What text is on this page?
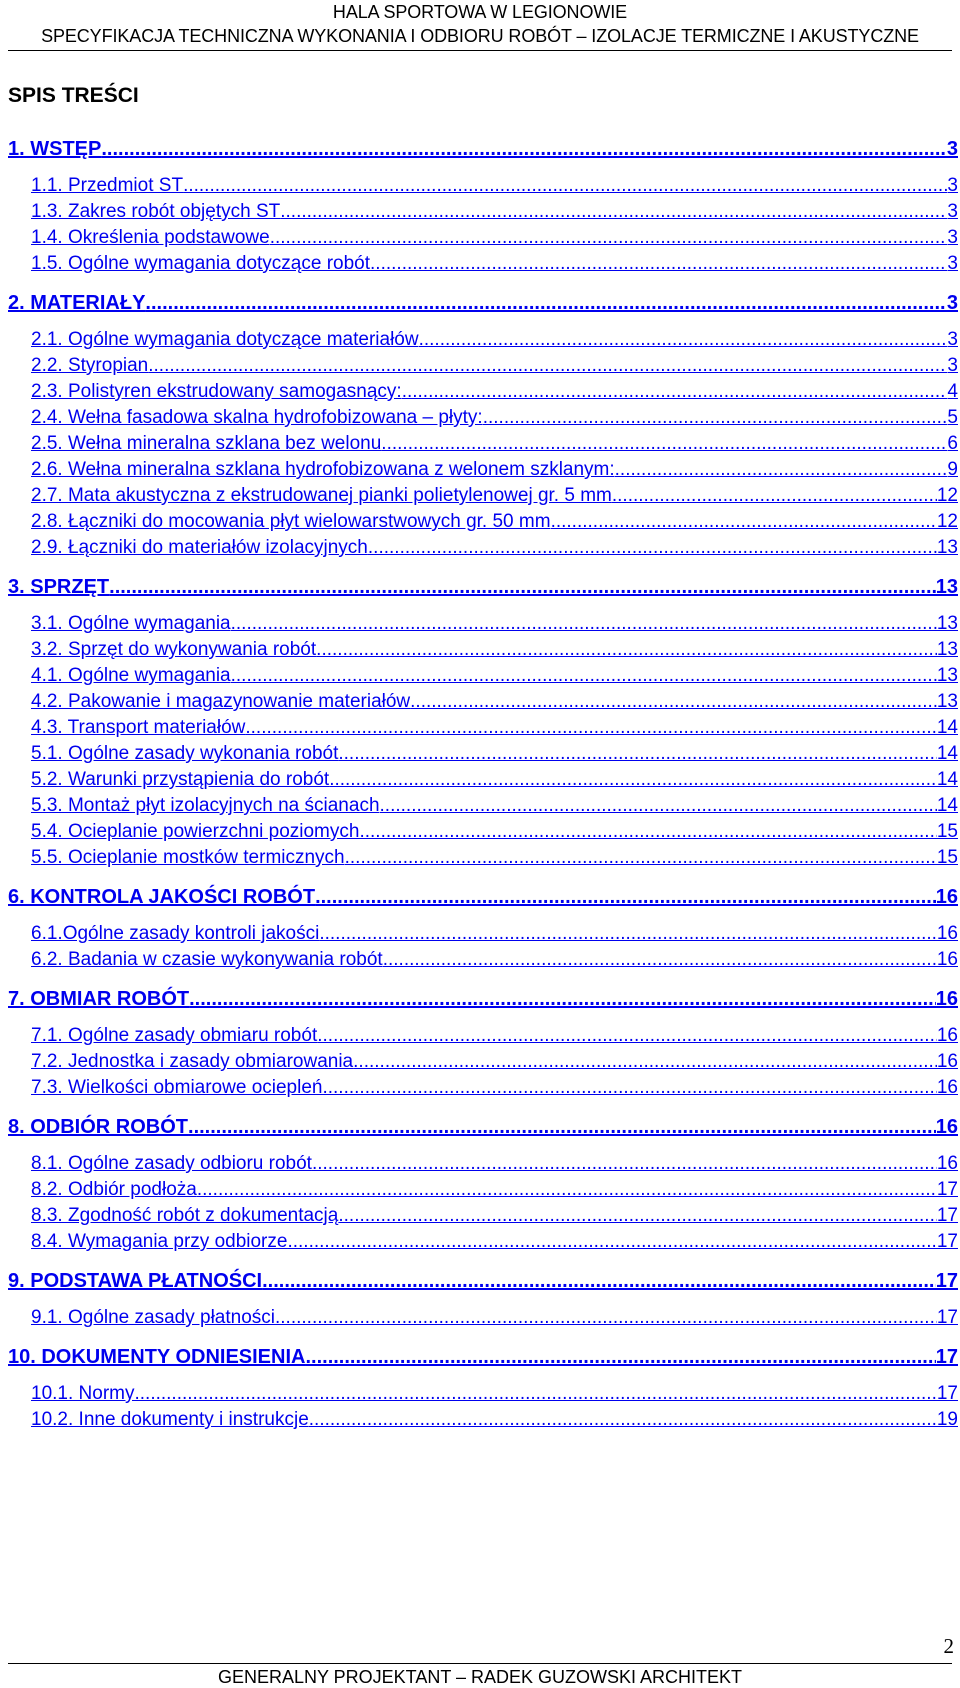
HALA SPORTOWA W LEGIONOWIE
SPECYFIKACJA TECHNICZNA WYKONANIA I ODBIORU ROBÓT – IZOLACJE TERMICZNE I AKUSTYCZNE
SPIS TREŚCI
1. WSTĘP .....	3
1.1. Przedmiot ST .....	3
1.3. Zakres robót objętych ST .....	3
1.4. Określenia podstawowe .....	3
1.5. Ogólne wymagania dotyczące robót .....	3
2. MATERIAŁY .....	3
2.1. Ogólne wymagania dotyczące materiałów .....	3
2.2. Styropian .....	3
2.3. Polistyren ekstrudowany samogasnący: .....	4
2.4. Wełna fasadowa skalna hydrofobizowana – płyty: .....	5
2.5. Wełna mineralna szklana bez welonu .....	6
2.6. Wełna mineralna szklana hydrofobizowana z welonem szklanym: .....	9
2.7. Mata akustyczna z ekstrudowanej pianki polietylenowej gr. 5 mm .....	12
2.8. Łączniki do mocowania płyt wielowarstwowych gr. 50 mm .....	12
2.9. Łączniki do materiałów izolacyjnych .....	13
3. SPRZĘT .....	13
3.1. Ogólne wymagania .....	13
3.2. Sprzęt do wykonywania robót .....	13
4.1. Ogólne wymagania .....	13
4.2. Pakowanie i magazynowanie materiałów .....	13
4.3. Transport materiałów .....	14
5.1. Ogólne zasady wykonania robót .....	14
5.2. Warunki przystąpienia do robót .....	14
5.3. Montaż płyt izolacyjnych na ścianach .....	14
5.4. Ocieplanie powierzchni poziomych .....	15
5.5. Ocieplanie mostków termicznych .....	15
6. KONTROLA JAKOŚCI ROBÓT .....	16
6.1.Ogólne zasady kontroli jakości .....	16
6.2. Badania w czasie wykonywania robót .....	16
7. OBMIAR ROBÓT .....	16
7.1. Ogólne zasady obmiaru robót .....	16
7.2. Jednostka i zasady obmiarowania .....	16
7.3. Wielkości obmiarowe ociepleń .....	16
8. ODBIÓR ROBÓT .....	16
8.1. Ogólne zasady odbioru robót .....	16
8.2. Odbiór podłoża .....	17
8.3. Zgodność robót z dokumentacją .....	17
8.4. Wymagania przy odbiorze .....	17
9. PODSTAWA PŁATNOŚCI .....	17
9.1. Ogólne zasady płatności .....	17
10. DOKUMENTY ODNIESIENIA .....	17
10.1. Normy .....	17
10.2. Inne dokumenty i instrukcje .....	19
2
GENERALNY PROJEKTANT – RADEK GUZOWSKI ARCHITEKT
